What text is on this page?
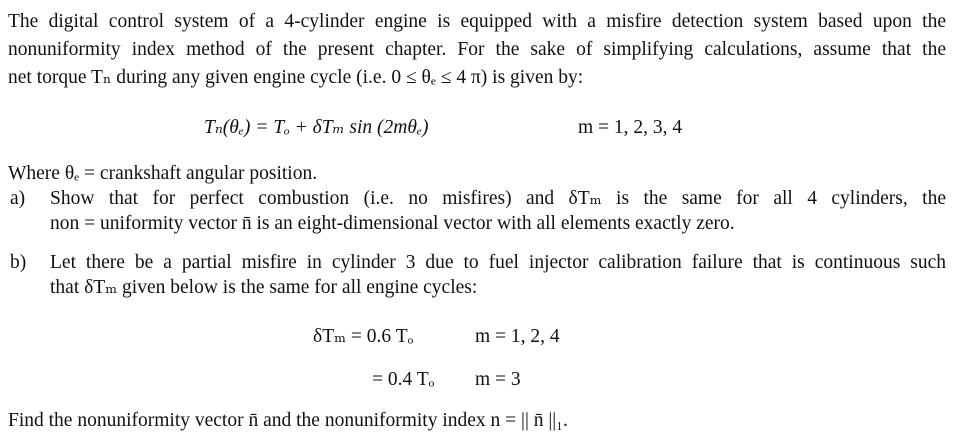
The digital control system of a 4-cylinder engine is equipped with a misfire detection system based upon the
nonuniformity index method of the present chapter. For the sake of simplifying calculations, assume that the
net torque Tₙ during any given engine cycle (i.e. 0 ≤ θₑ ≤ 4 π) is given by:
Tₙ(θₑ) = Tₒ + δTₘ sin (2mθₑ)	m = 1, 2, 3, 4
Where θₑ = crankshaft angular position.
a) Show that for perfect combustion (i.e. no misfires) and δTₘ is the same for all 4 cylinders, the
non = uniformity vector n̄ is an eight-dimensional vector with all elements exactly zero.
b) Let there be a partial misfire in cylinder 3 due to fuel injector calibration failure that is continuous such
that δTₘ given below is the same for all engine cycles:
δTₘ = 0.6 Tₒ	m = 1, 2, 4
= 0.4 Tₒ m = 3
Find the nonuniformity vector n̄ and the nonuniformity index n = || n̄ ||₁.
